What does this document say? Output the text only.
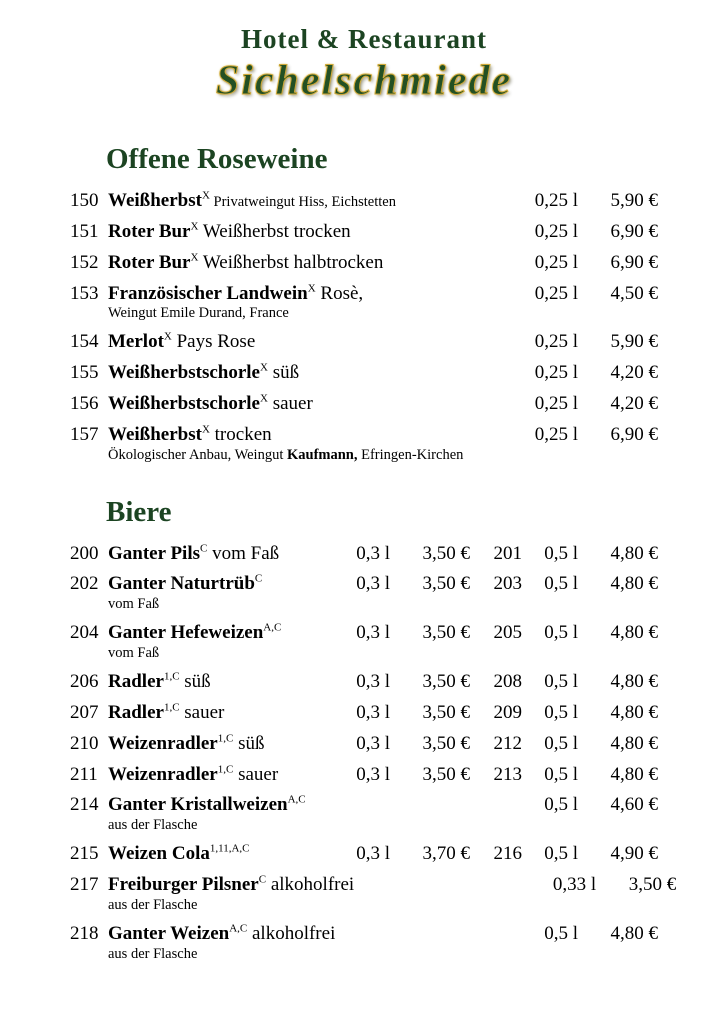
Hotel & Restaurant
Sichelschmiede
Offene Roseweine
150 Weißherbst$^X$ Privatweingut Hiss, Eichstetten	0,25 l	5,90 €
151 Roter Bur$^X$ Weißherbst trocken	0,25 l	6,90 €
152 Roter Bur$^X$ Weißherbst halbtrocken	0,25 l	6,90 €
153 Französischer Landwein$^X$ Rosè,	0,25 l	4,50 €
Weingut Emile Durand, France
154 Merlot$^X$ Pays Rose	0,25 l	5,90 €
155 Weißherbstschorle$^X$ süß	0,25 l	4,20 €
156 Weißherbstschorle$^X$ sauer	0,25 l	4,20 €
157 Weißherbst$^X$ trocken	0,25 l	6,90 €
Ökologischer Anbau, Weingut Kaufmann, Efringen-Kirchen
Biere
200 Ganter Pils$^C$ vom Faß	0,3 l	3,50 €	201	0,5 l	4,80 €
202 Ganter Naturtrüb$^C$	0,3 l	3,50 €	203	0,5 l	4,80 €
vom Faß
204 Ganter Hefeweizen$^{A,C}$	0,3 l	3,50 €	205	0,5 l	4,80 €
vom Faß
206 Radler$^{1,C}$ süß	0,3 l	3,50 €	208	0,5 l	4,80 €
207 Radler$^{1,C}$ sauer	0,3 l	3,50 €	209	0,5 l	4,80 €
210 Weizenradler$^{1,C}$ süß	0,3 l	3,50 €	212	0,5 l	4,80 €
211 Weizenradler$^{1,C}$ sauer	0,3 l	3,50 €	213	0,5 l	4,80 €
214 Ganter Kristallweizen$^{A,C}$	0,5 l	4,60 €
aus der Flasche
215 Weizen Cola$^{1,11,A,C}$	0,3 l	3,70 €	216	0,5 l	4,90 €
217 Freiburger Pilsner$^C$ alkoholfrei	0,33 l	3,50 €
aus der Flasche
218 Ganter Weizen$^{A,C}$ alkoholfrei	0,5 l	4,80 €
aus der Flasche
